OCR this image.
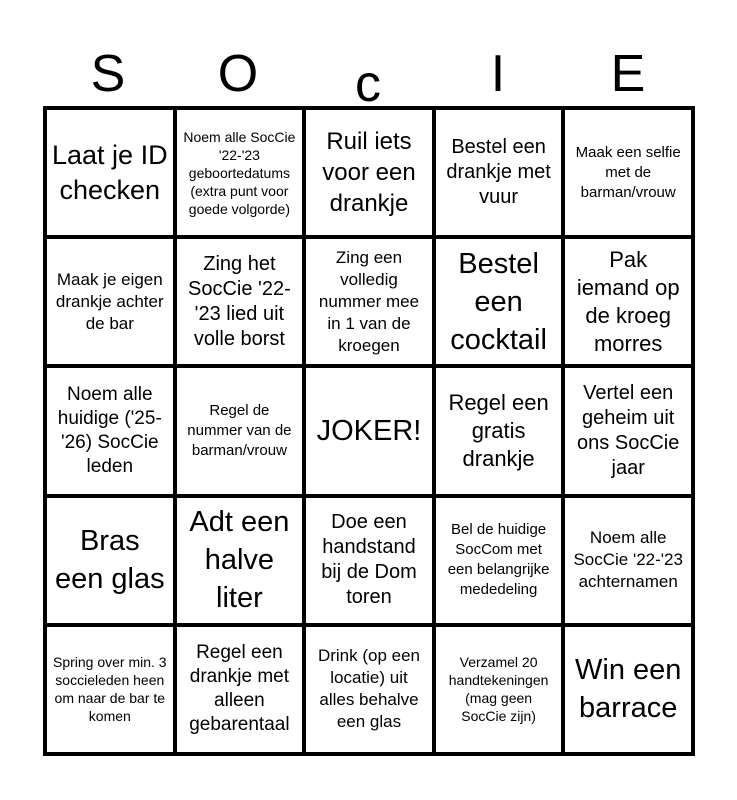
S	O	c	I	E
Laat je ID checken
Noem alle SocCie '22-'23 geboortedatums (extra punt voor goede volgorde)
Ruil iets voor een drankje
Bestel een drankje met vuur
Maak een selfie met de barman/vrouw
Maak je eigen drankje achter de bar
Zing het SocCie '22-'23 lied uit volle borst
Zing een volledig nummer mee in 1 van de kroegen
Bestel een cocktail
Pak iemand op de kroeg morres
Noem alle huidige ('25-'26) SocCie leden
Regel de nummer van de barman/vrouw
JOKER!
Regel een gratis drankje
Vertel een geheim uit ons SocCie jaar
Bras een glas
Adt een halve liter
Doe een handstand bij de Dom toren
Bel de huidige SocCom met een belangrijke mededeling
Noem alle SocCie '22-'23 achternamen
Spring over min. 3 soccieleden heen om naar de bar te komen
Regel een drankje met alleen gebarentaal
Drink (op een locatie) uit alles behalve een glas
Verzamel 20 handtekeningen (mag geen SocCie zijn)
Win een barrace
